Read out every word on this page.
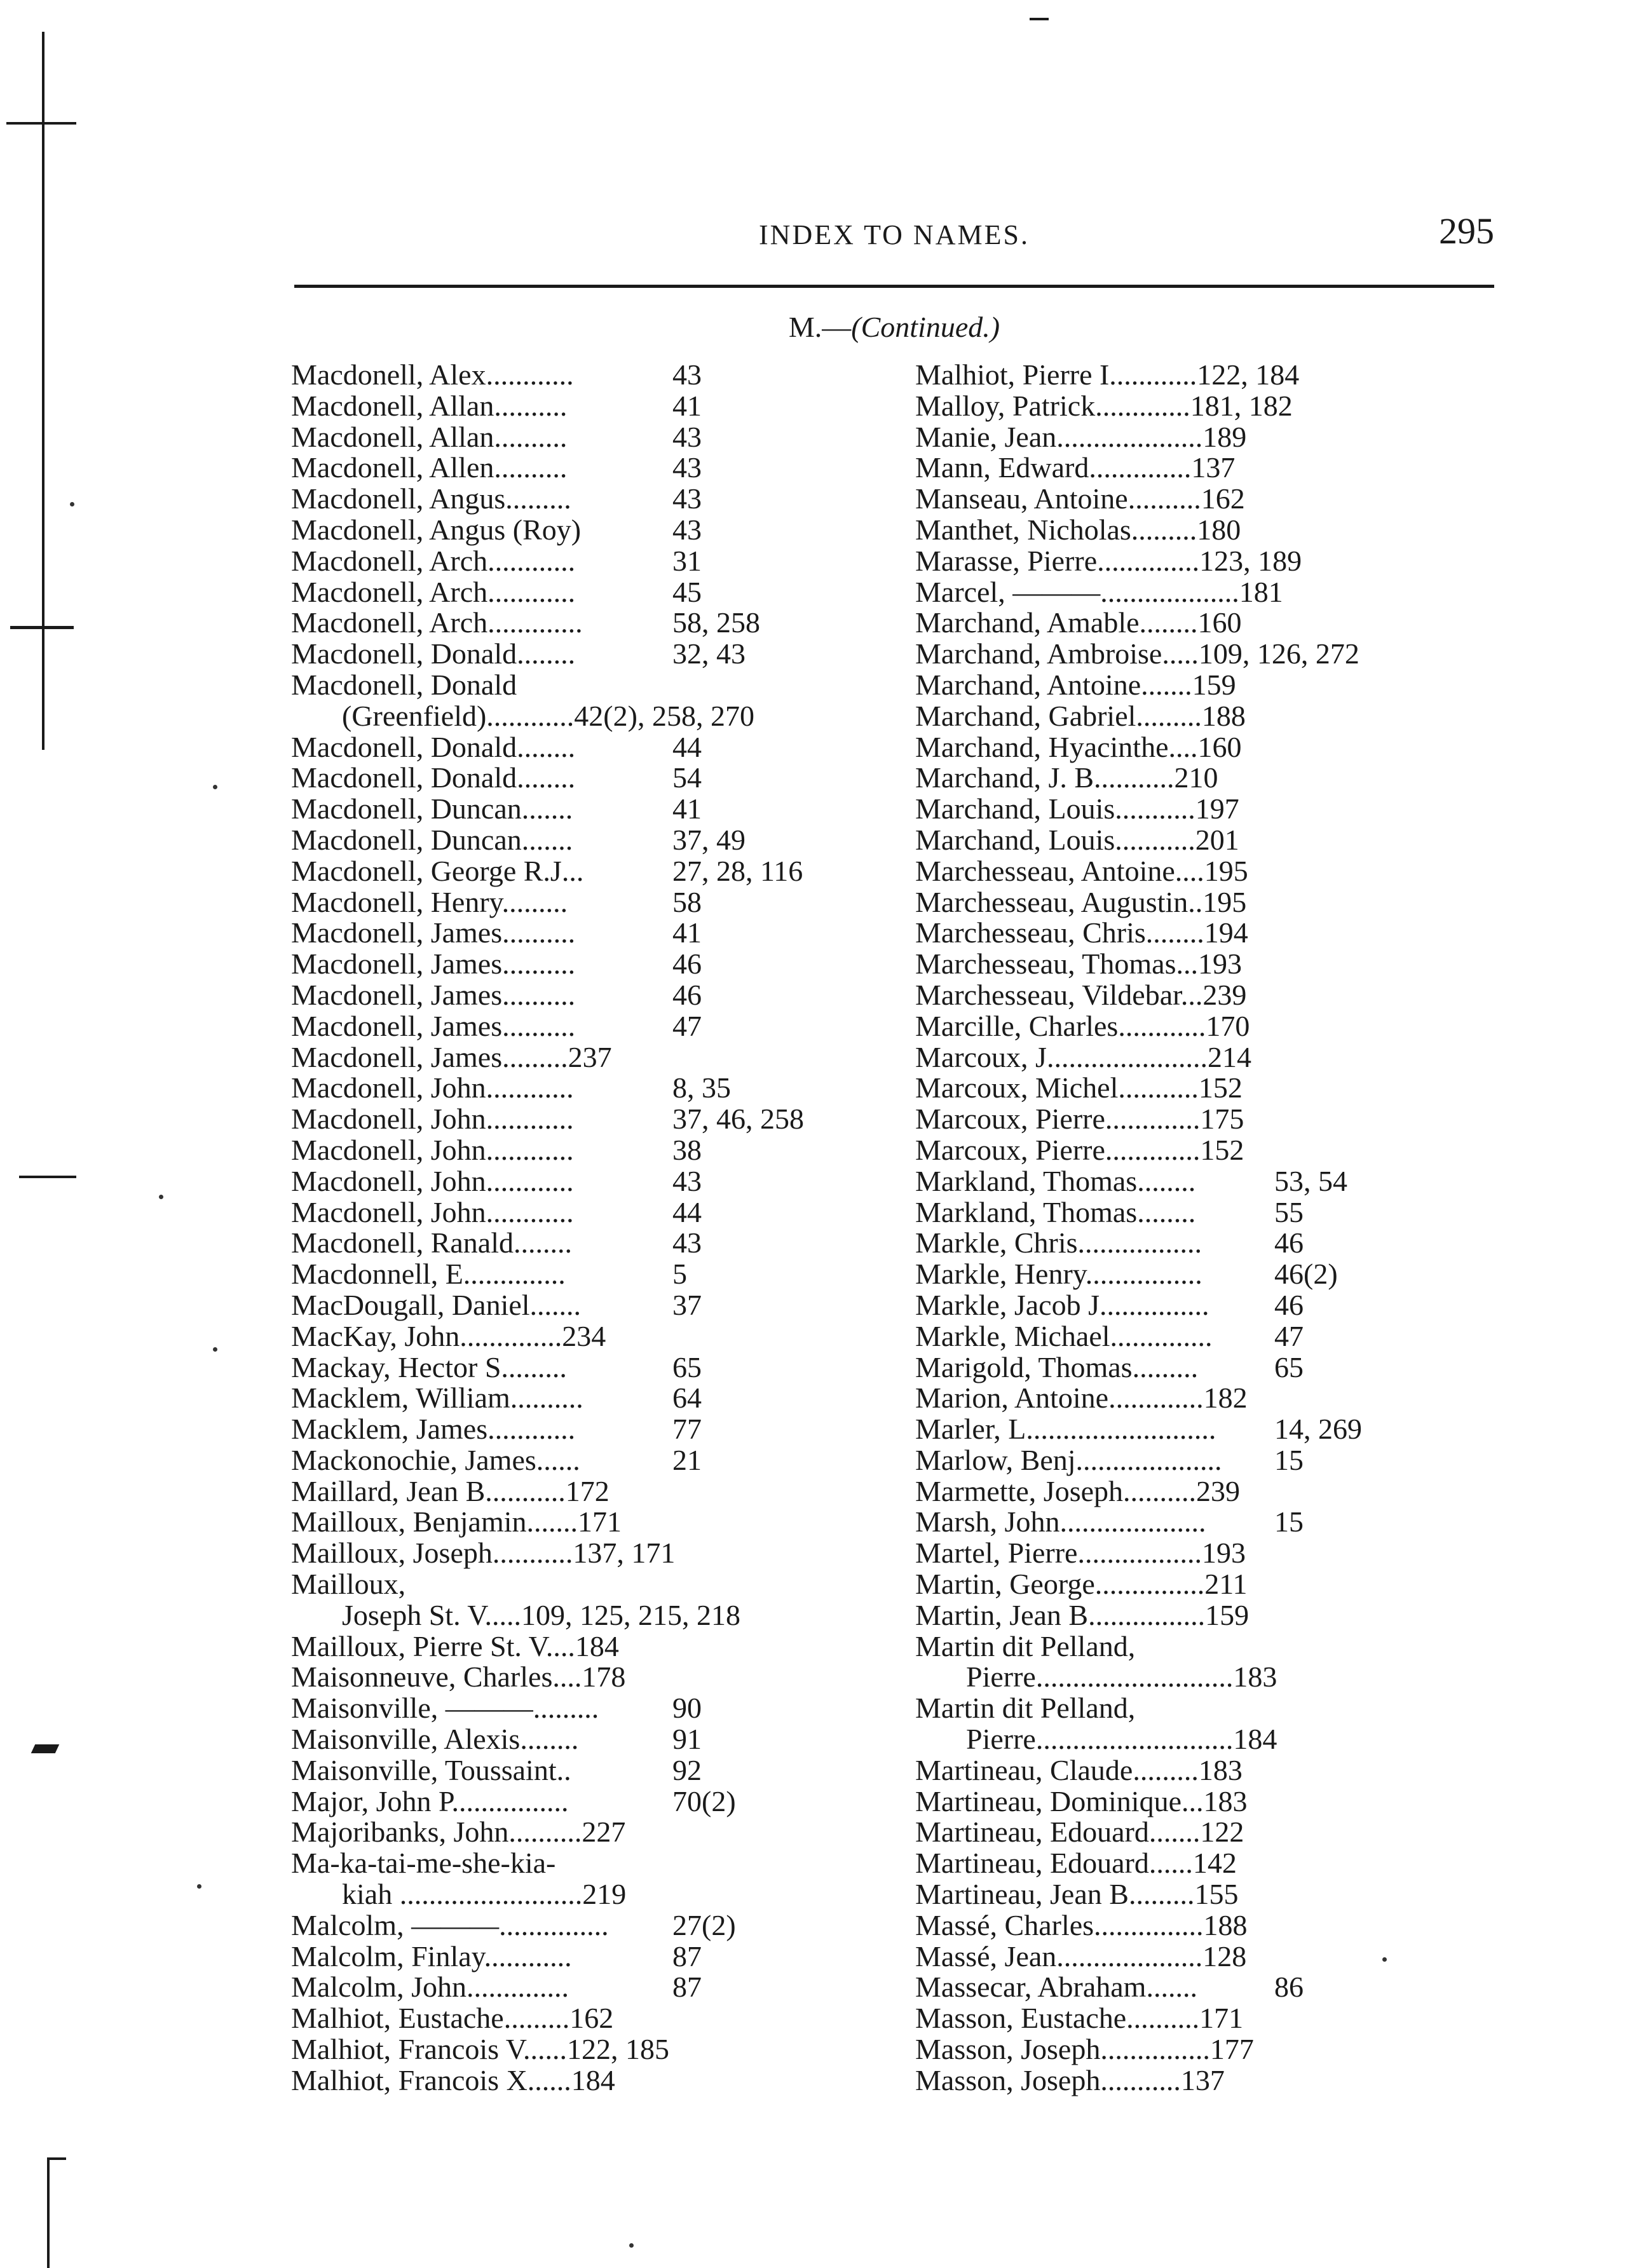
INDEX TO NAMES.	295
M.—(Continued.)
Macdonell, Alex............	43
Macdonell, Allan..........	41
Macdonell, Allan..........	43
Macdonell, Allen..........	43
Macdonell, Angus.........	43
Macdonell, Angus (Roy)	43
Macdonell, Arch............	31
Macdonell, Arch............	45
Macdonell, Arch.............	58, 258
Macdonell, Donald........	32, 43
Macdonell, Donald
(Greenfield)............42(2), 258, 270
Macdonell, Donald........	44
Macdonell, Donald........	54
Macdonell, Duncan.......	41
Macdonell, Duncan.......	37, 49
Macdonell, George R.J...	27, 28, 116
Macdonell, Henry.........	58
Macdonell, James..........	41
Macdonell, James..........	46
Macdonell, James..........	46
Macdonell, James..........	47
Macdonell, James.........237
Macdonell, John............	8, 35
Macdonell, John............	37, 46, 258
Macdonell, John............	38
Macdonell, John............	43
Macdonell, John............	44
Macdonell, Ranald........	43
Macdonnell, E..............	5
MacDougall, Daniel.......	37
MacKay, John..............234
Mackay, Hector S.........	65
Macklem, William..........	64
Macklem, James............	77
Mackonochie, James......	21
Maillard, Jean B...........172
Mailloux, Benjamin.......171
Mailloux, Joseph...........137, 171
Mailloux,
Joseph St. V.....109, 125, 215, 218
Mailloux, Pierre St. V....184
Maisonneuve, Charles....178
Maisonville, ———.........	90
Maisonville, Alexis........	91
Maisonville, Toussaint..	92
Major, John P................	70(2)
Majoribanks, John..........227
Ma-ka-tai-me-she-kia-
kiah .........................219
Malcolm, ———............... 27(2)
Malcolm, Finlay............	87
Malcolm, John..............	87
Malhiot, Eustache.........162
Malhiot, Francois V......122, 185
Malhiot, Francois X......184
Malhiot, Pierre I............122, 184
Malloy, Patrick.............181, 182
Manie, Jean....................189
Mann, Edward..............137
Manseau, Antoine..........162
Manthet, Nicholas.........180
Marasse, Pierre..............123, 189
Marcel, ———...................181
Marchand, Amable........160
Marchand, Ambroise.....109, 126, 272
Marchand, Antoine.......159
Marchand, Gabriel.........188
Marchand, Hyacinthe....160
Marchand, J. B...........210
Marchand, Louis...........197
Marchand, Louis...........201
Marchesseau, Antoine....195
Marchesseau, Augustin..195
Marchesseau, Chris........194
Marchesseau, Thomas...193
Marchesseau, Vildebar...239
Marcille, Charles............170
Marcoux, J......................214
Marcoux, Michel...........152
Marcoux, Pierre.............175
Marcoux, Pierre.............152
Markland, Thomas........	53, 54
Markland, Thomas........	55
Markle, Chris................. 46
Markle, Henry................ 46(2)
Markle, Jacob J............... 46
Markle, Michael.............. 47
Marigold, Thomas.........	65
Marion, Antoine.............182
Marler, L.......................... 14, 269
Marlow, Benj.................... 15
Marmette, Joseph..........239
Marsh, John.................... 15
Martel, Pierre.................193
Martin, George...............211
Martin, Jean B................159
Martin dit Pelland,
Pierre...........................183
Martin dit Pelland,
Pierre...........................184
Martineau, Claude.........183
Martineau, Dominique...183
Martineau, Edouard.......122
Martineau, Edouard......142
Martineau, Jean B.........155
Massé, Charles...............188
Massé, Jean....................128
Massecar, Abraham.......	86
Masson, Eustache..........171
Masson, Joseph...............177
Masson, Joseph...........137
